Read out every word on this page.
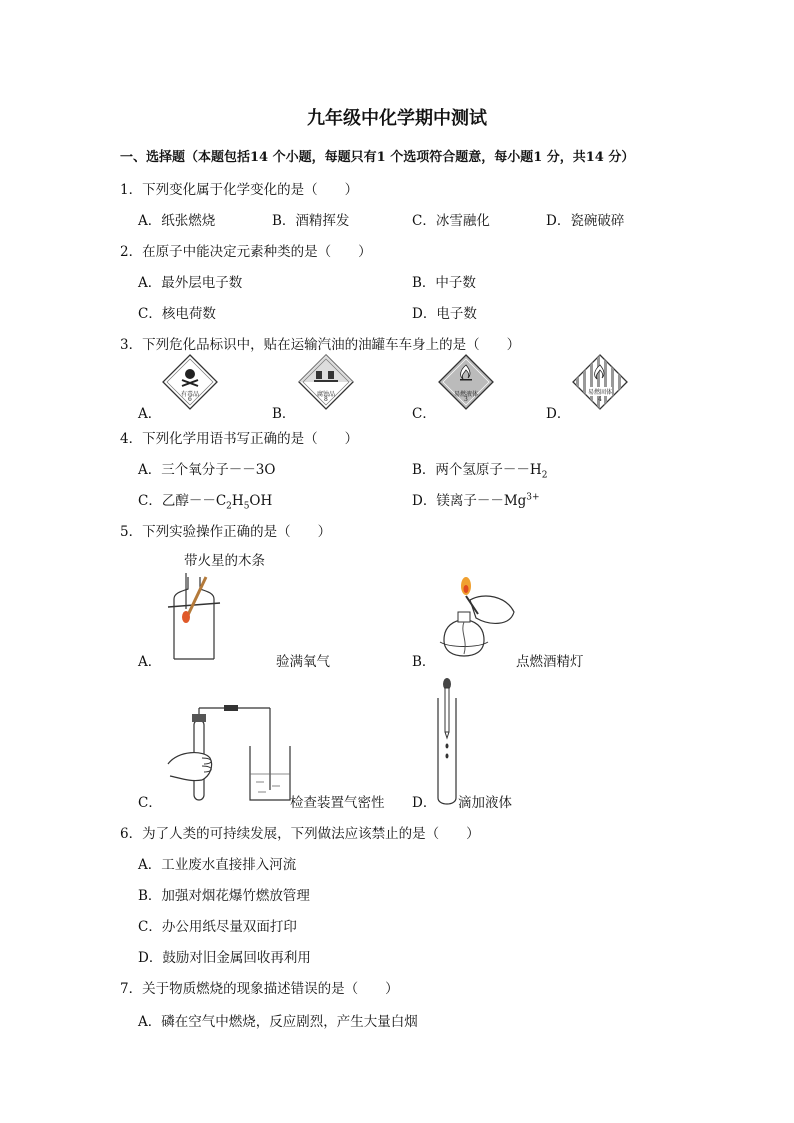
九年级中化学期中测试
一、选择题（本题包括14 个小题，每题只有1 个选项符合题意，每小题1 分，共14 分）
1．下列变化属于化学变化的是（　　）
A．纸张燃烧	B．酒精挥发	C．冰雪融化	D．瓷碗破碎
2．在原子中能决定元素种类的是（　　）
A．最外层电子数	B．中子数
C．核电荷数	D．电子数
3．下列危化品标识中，贴在运输汽油的油罐车车身上的是（　　）
A．	B．	C．	D．
有毒品
6
腐蚀品
8
易燃液体
3
易燃固体
4
4．下列化学用语书写正确的是（　　）
A．三个氧分子－－3O	B．两个氢原子$--H_2$
C．乙醇$--C_2H_5OH$	D．镁离子$--Mg^{3+}$
5．下列实验操作正确的是（　　）
带火星的木条
A．	验满氧气	B．	点燃酒精灯
C．	检查装置气密性 D． 滴加液体
6．为了人类的可持续发展，下列做法应该禁止的是（　　）
A．工业废水直接排入河流
B．加强对烟花爆竹燃放管理
C．办公用纸尽量双面打印
D．鼓励对旧金属回收再利用
7．关于物质燃烧的现象描述错误的是（　　）
A．磷在空气中燃烧，反应剧烈，产生大量白烟
